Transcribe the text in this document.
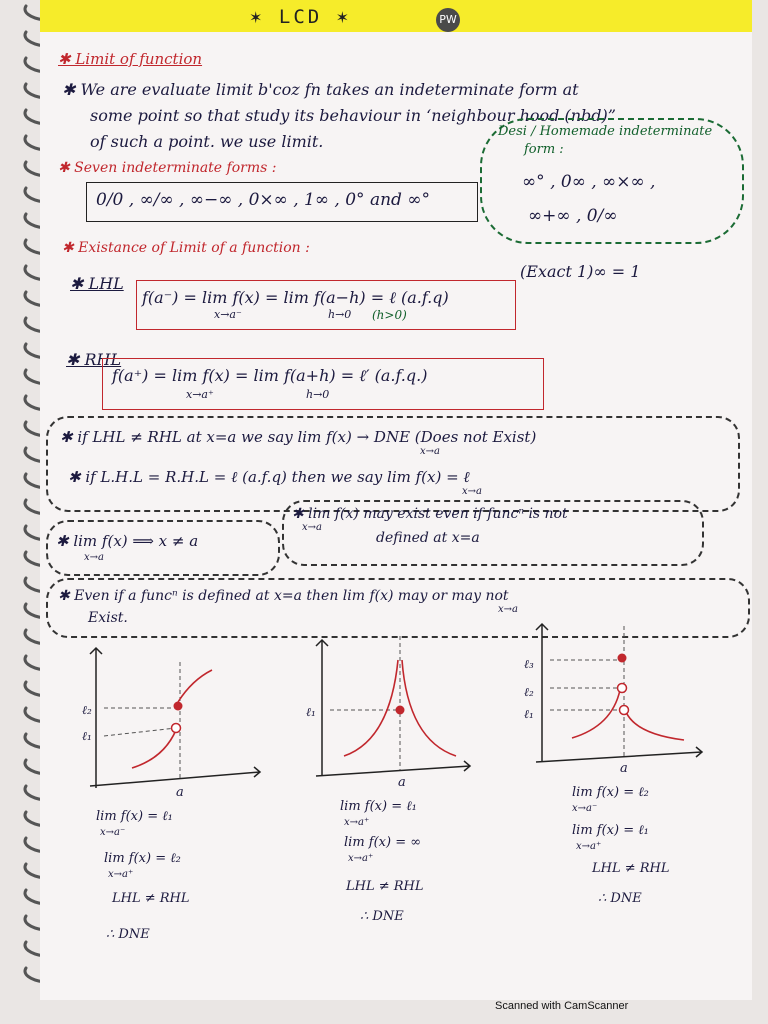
✶ LCD ✶	PW
✱ Limit of function
✱ We are evaluate limit b'coz fn takes an indeterminate form at
some point so that study its behaviour in ‘neighbour hood (nbd)”
of such a point. we use limit.
Desi / Homemade indeterminate
form :
∞° , 0∞ , ∞×∞ ,
∞+∞ , 0/∞
✱ Seven indeterminate forms :
0/0 , ∞/∞ , ∞−∞ , 0×∞ , 1∞ , 0° and ∞°
✱ Existance of Limit of a function :
✱ LHL
f(a⁻) = lim f(x) = lim f(a−h) = ℓ (a.f.q)
x→a⁻	h→0 (h>0)
(Exact 1)∞ = 1
✱ RHL
f(a⁺) = lim f(x) = lim f(a+h) = ℓ′ (a.f.q.)
x→a⁺	h→0
✱ if LHL ≠ RHL at x=a we say lim f(x) → DNE (Does not Exist)
x→a
✱ if L.H.L = R.H.L = ℓ (a.f.q) then we say lim f(x) = ℓ
x→a
✱ lim f(x) ⟹ x ≠ a
x→a
✱ lim f(x) may exist even if funcⁿ is not
x→a
defined at x=a
✱ Even if a funcⁿ is defined at x=a then lim f(x) may or may not
x→a
Exist.
ℓ₂
ℓ₁
a
ℓ₁
a
ℓ₃
ℓ₂
ℓ₁
a
lim f(x) = ℓ₁
x→a⁻
lim f(x) = ℓ₂
x→a⁺
LHL ≠ RHL
∴ DNE
lim f(x) = ℓ₁
x→a⁺
lim f(x) = ∞
x→a⁺
LHL ≠ RHL
∴ DNE
lim f(x) = ℓ₂
x→a⁻
lim f(x) = ℓ₁
x→a⁺
LHL ≠ RHL
∴ DNE
Scanned with CamScanner
